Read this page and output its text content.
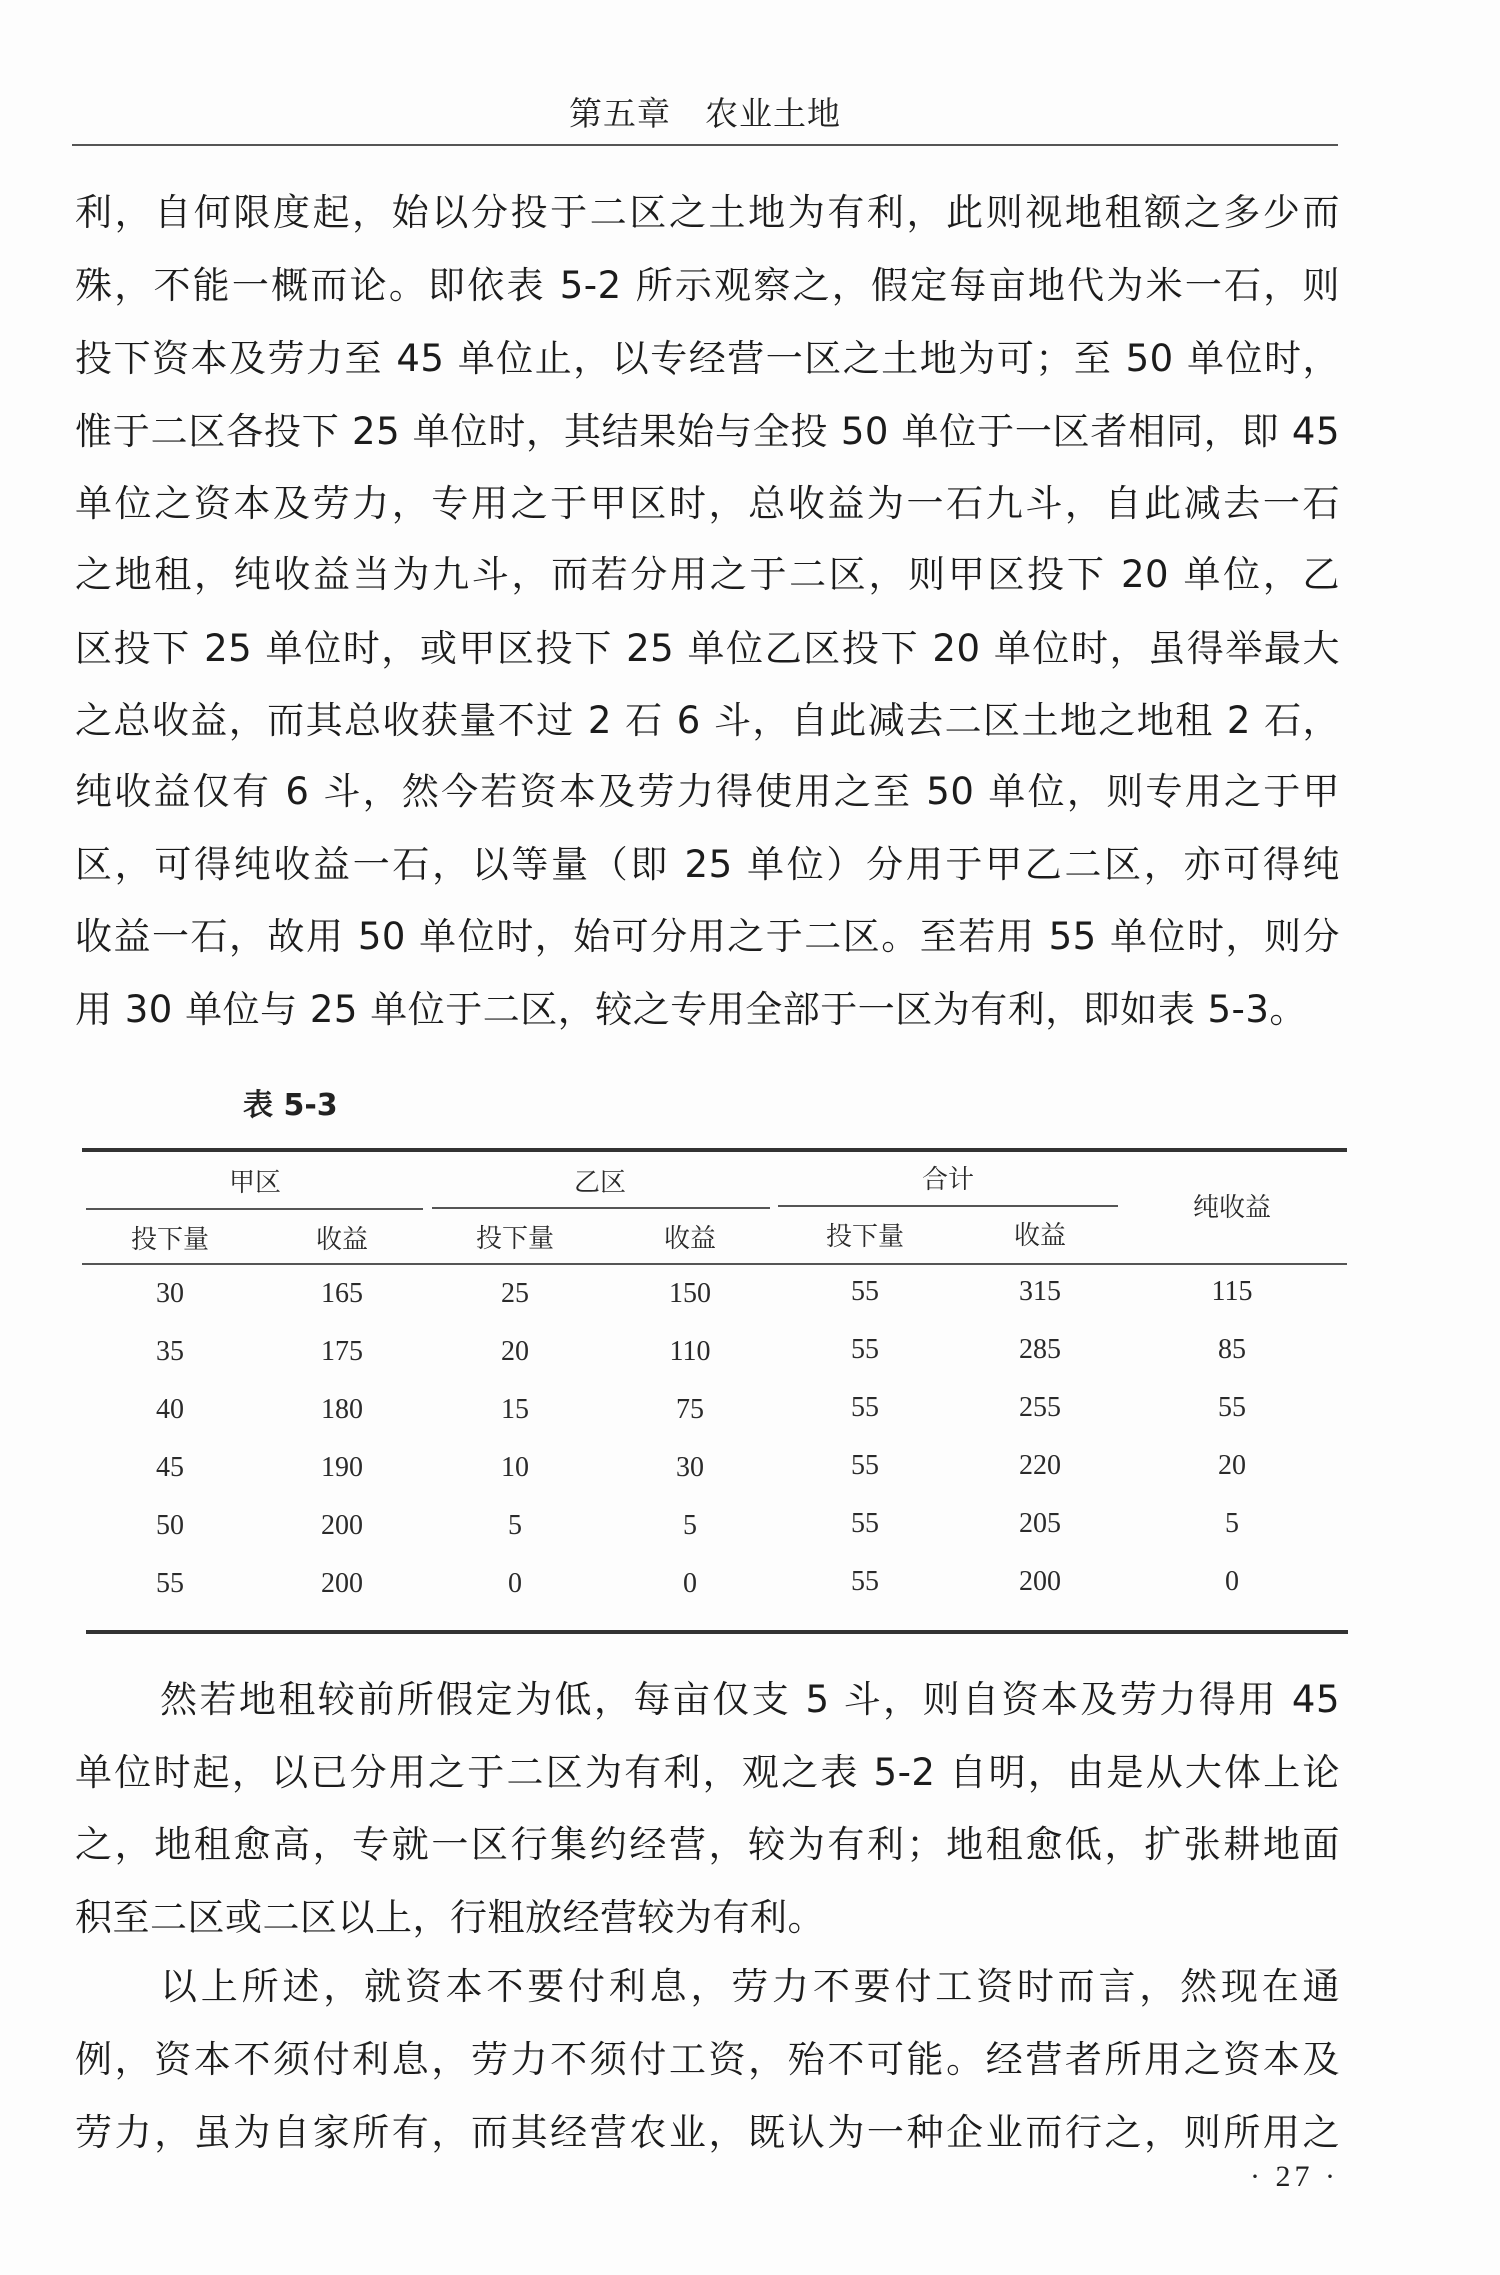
第五章　农业土地
利，自何限度起，始以分投于二区之土地为有利，此则视地租额之多少而
殊，不能一概而论。即依表 5-2 所示观察之，假定每亩地代为米一石，则
投下资本及劳力至 45 单位止，以专经营一区之土地为可；至 50 单位时，
惟于二区各投下 25 单位时，其结果始与全投 50 单位于一区者相同，即 45
单位之资本及劳力，专用之于甲区时，总收益为一石九斗，自此减去一石
之地租，纯收益当为九斗，而若分用之于二区，则甲区投下 20 单位，乙
区投下 25 单位时，或甲区投下 25 单位乙区投下 20 单位时，虽得举最大
之总收益，而其总收获量不过 2 石 6 斗，自此减去二区土地之地租 2 石，
纯收益仅有 6 斗，然今若资本及劳力得使用之至 50 单位，则专用之于甲
区，可得纯收益一石，以等量（即 25 单位）分用于甲乙二区，亦可得纯
收益一石，故用 50 单位时，始可分用之于二区。至若用 55 单位时，则分
用 30 单位与 25 单位于二区，较之专用全部于一区为有利，即如表 5-3。
表 5-3
甲区	乙区	合计
纯收益
投下量	收益	投下量	收益	投下量	收益
30	165	25	150	55	315	115
35	175	20	110	55	285	85
40	180	15	75	55	255	55
45	190	10	30	55	220	20
50	200	5	5	55	205	5
55	200	0	0	55	200	0
然若地租较前所假定为低，每亩仅支 5 斗，则自资本及劳力得用 45
单位时起，以已分用之于二区为有利，观之表 5-2 自明，由是从大体上论
之，地租愈高，专就一区行集约经营，较为有利；地租愈低，扩张耕地面
积至二区或二区以上，行粗放经营较为有利。
以上所述，就资本不要付利息，劳力不要付工资时而言，然现在通
例，资本不须付利息，劳力不须付工资，殆不可能。经营者所用之资本及
劳力，虽为自家所有，而其经营农业，既认为一种企业而行之，则所用之
· 27 ·
